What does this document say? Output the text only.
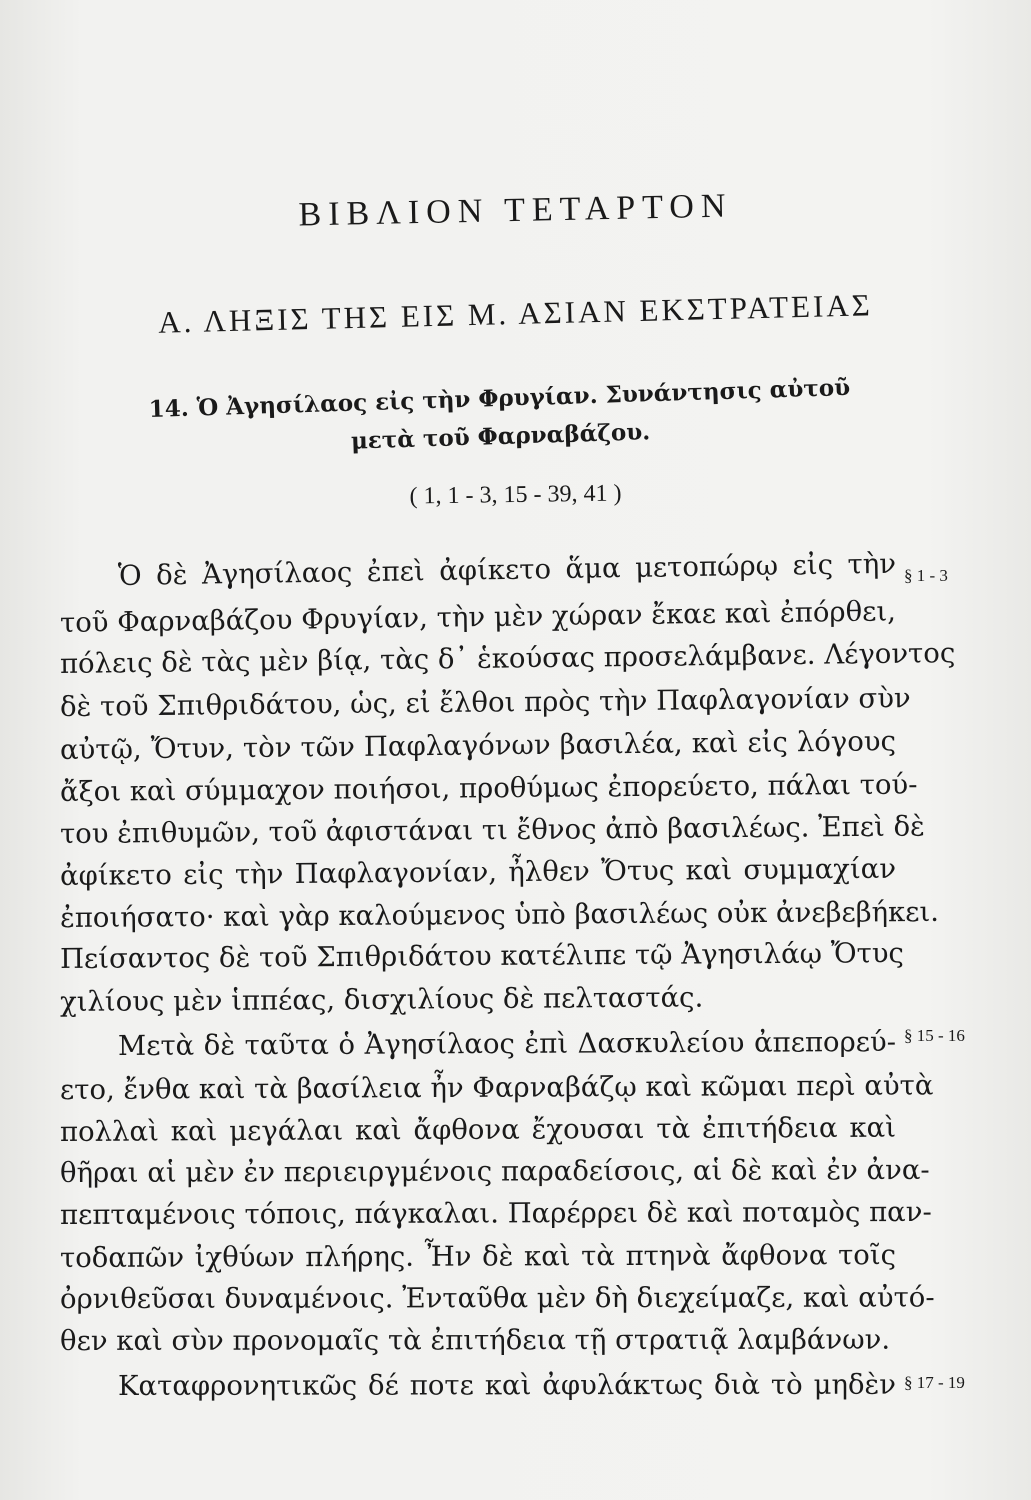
ΒΙΒΛΙΟΝ ΤΕΤΑΡΤΟΝ
Α. ΛΗΞΙΣ ΤΗΣ ΕΙΣ Μ. ΑΣΙΑΝ ΕΚΣΤΡΑΤΕΙΑΣ
14. Ὁ Ἀγησίλαος εἰς τὴν Φρυγίαν. Συνάντησις αὐτοῦ
μετὰ τοῦ Φαρναβάζου.
( 1, 1 - 3, 15 - 39, 41 )
Ὁ δὲ Ἀγησίλαος ἐπεὶ ἀφίκετο ἅμα μετοπώρῳ εἰς τὴν
τοῦ Φαρναβάζου Φρυγίαν, τὴν μὲν χώραν ἔκαε καὶ ἐπόρθει,
πόλεις δὲ τὰς μὲν βίᾳ, τὰς δ᾽ ἑκούσας προσελάμβανε. Λέγοντος
δὲ τοῦ Σπιθριδάτου, ὡς, εἰ ἔλθοι πρὸς τὴν Παφλαγονίαν σὺν
αὐτῷ, Ὄτυν, τὸν τῶν Παφλαγόνων βασιλέα, καὶ εἰς λόγους
ἄξοι καὶ σύμμαχον ποιήσοι, προθύμως ἐπορεύετο, πάλαι τού-
του ἐπιθυμῶν, τοῦ ἀφιστάναι τι ἔθνος ἀπὸ βασιλέως. Ἐπεὶ δὲ
ἀφίκετο εἰς τὴν Παφλαγονίαν, ἦλθεν Ὄτυς καὶ συμμαχίαν
ἐποιήσατο· καὶ γὰρ καλούμενος ὑπὸ βασιλέως οὐκ ἀνεβεβήκει.
Πείσαντος δὲ τοῦ Σπιθριδάτου κατέλιπε τῷ Ἀγησιλάῳ Ὄτυς
χιλίους μὲν ἱππέας, δισχιλίους δὲ πελταστάς.
Μετὰ δὲ ταῦτα ὁ Ἀγησίλαος ἐπὶ Δασκυλείου ἀπεπορεύ-
ετο, ἔνθα καὶ τὰ βασίλεια ἦν Φαρναβάζῳ καὶ κῶμαι περὶ αὐτὰ
πολλαὶ καὶ μεγάλαι καὶ ἄφθονα ἔχουσαι τὰ ἐπιτήδεια καὶ
θῆραι αἱ μὲν ἐν περιειργμένοις παραδείσοις, αἱ δὲ καὶ ἐν ἀνα-
πεπταμένοις τόποις, πάγκαλαι. Παρέρρει δὲ καὶ ποταμὸς παν-
τοδαπῶν ἰχθύων πλήρης. Ἦν δὲ καὶ τὰ πτηνὰ ἄφθονα τοῖς
ὀρνιθεῦσαι δυναμένοις. Ἐνταῦθα μὲν δὴ διεχείμαζε, καὶ αὐτό-
θεν καὶ σὺν προνομαῖς τὰ ἐπιτήδεια τῇ στρατιᾷ λαμβάνων.
Καταφρονητικῶς δέ ποτε καὶ ἀφυλάκτως διὰ τὸ μηδὲν
§ 1 - 3
§ 15 - 16
§ 17 - 19
